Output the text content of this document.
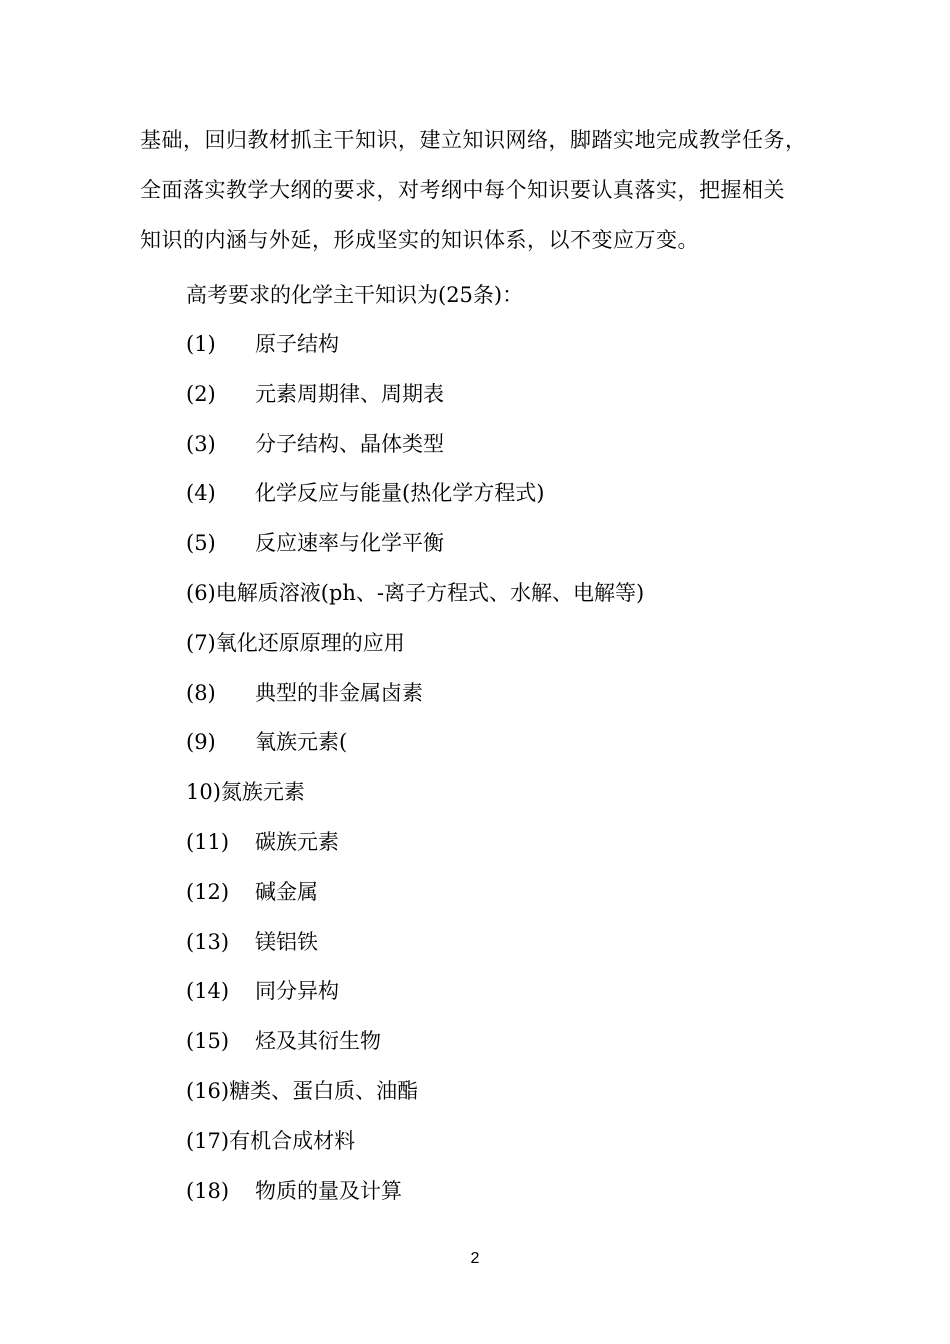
基础，回归教材抓主干知识，建立知识网络，脚踏实地完成教学任务，
全面落实教学大纲的要求，对考纲中每个知识要认真落实，把握相关
知识的内涵与外延，形成坚实的知识体系，以不变应万变。
高考要求的化学主干知识为(25条)：
(1)	原子结构
(2)	元素周期律、周期表
(3)	分子结构、晶体类型
(4)	化学反应与能量(热化学方程式)
(5)	反应速率与化学平衡
(6) 电解质溶液(ph、-离子方程式、水解、电解等)
(7) 氧化还原原理的应用
(8)	典型的非金属卤素
(9)	氧族元素(
10) 氮族元素
(11)	碳族元素
(12)	碱金属
(13)	镁铝铁
(14)	同分异构
(15)	烃及其衍生物
(16) 糖类、蛋白质、油酯
(17) 有机合成材料
(18)	物质的量及计算
2
